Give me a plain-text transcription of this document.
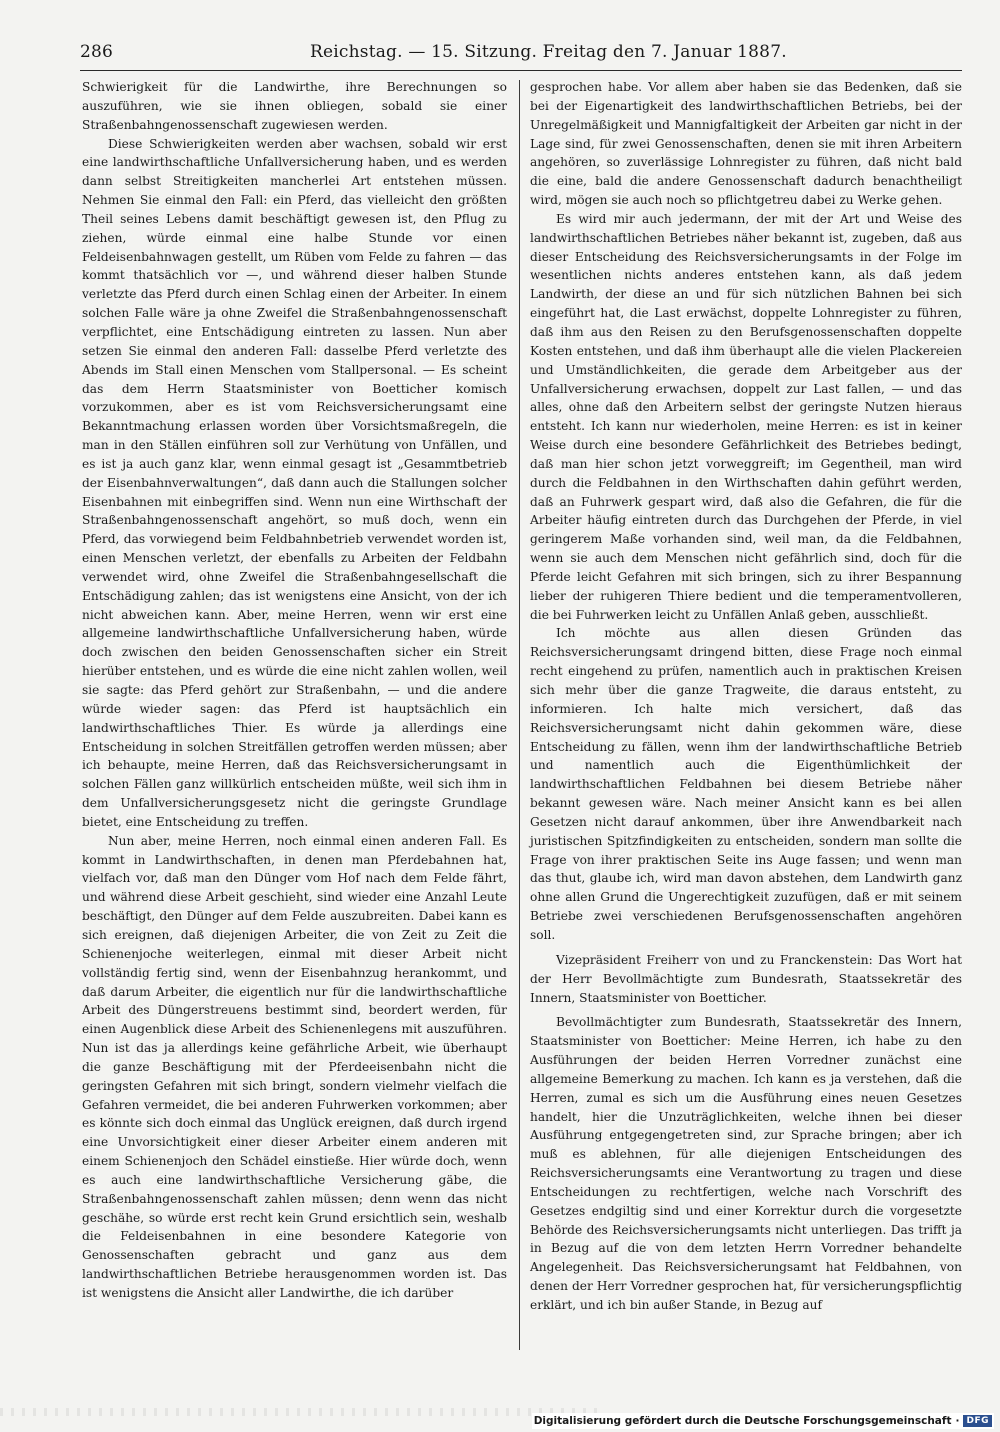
286	Reichstag. — 15. Sitzung. Freitag den 7. Januar 1887.

Schwierigkeit für die Landwirthe, ihre Berechnungen so auszuführen, wie sie ihnen obliegen, sobald sie einer Straßenbahngenossenschaft zugewiesen werden.

Diese Schwierigkeiten werden aber wachsen, sobald wir erst eine landwirthschaftliche Unfallversicherung haben, und es werden dann selbst Streitigkeiten mancherlei Art entstehen müssen. Nehmen Sie einmal den Fall: ein Pferd, das vielleicht den größten Theil seines Lebens damit beschäftigt gewesen ist, den Pflug zu ziehen, würde einmal eine halbe Stunde vor einen Feldeisenbahnwagen gestellt, um Rüben vom Felde zu fahren — das kommt thatsächlich vor —, und während dieser halben Stunde verletzte das Pferd durch einen Schlag einen der Arbeiter. In einem solchen Falle wäre ja ohne Zweifel die Straßenbahngenossenschaft verpflichtet, eine Entschädigung eintreten zu lassen. Nun aber setzen Sie einmal den anderen Fall: dasselbe Pferd verletzte des Abends im Stall einen Menschen vom Stallpersonal. — Es scheint das dem Herrn Staatsminister von Boetticher komisch vorzukommen, aber es ist vom Reichsversicherungsamt eine Bekanntmachung erlassen worden über Vorsichtsmaßregeln, die man in den Ställen einführen soll zur Verhütung von Unfällen, und es ist ja auch ganz klar, wenn einmal gesagt ist „Gesammtbetrieb der Eisenbahnverwaltungen“, daß dann auch die Stallungen solcher Eisenbahnen mit einbegriffen sind. Wenn nun eine Wirthschaft der Straßenbahngenossenschaft angehört, so muß doch, wenn ein Pferd, das vorwiegend beim Feldbahnbetrieb verwendet worden ist, einen Menschen verletzt, der ebenfalls zu Arbeiten der Feldbahn verwendet wird, ohne Zweifel die Straßenbahngesellschaft die Entschädigung zahlen; das ist wenigstens eine Ansicht, von der ich nicht abweichen kann. Aber, meine Herren, wenn wir erst eine allgemeine landwirthschaftliche Unfallversicherung haben, würde doch zwischen den beiden Genossenschaften sicher ein Streit hierüber entstehen, und es würde die eine nicht zahlen wollen, weil sie sagte: das Pferd gehört zur Straßenbahn, — und die andere würde wieder sagen: das Pferd ist hauptsächlich ein landwirthschaftliches Thier. Es würde ja allerdings eine Entscheidung in solchen Streitfällen getroffen werden müssen; aber ich behaupte, meine Herren, daß das Reichsversicherungsamt in solchen Fällen ganz willkürlich entscheiden müßte, weil sich ihm in dem Unfallversicherungsgesetz nicht die geringste Grundlage bietet, eine Entscheidung zu treffen.

Nun aber, meine Herren, noch einmal einen anderen Fall. Es kommt in Landwirthschaften, in denen man Pferdebahnen hat, vielfach vor, daß man den Dünger vom Hof nach dem Felde fährt, und während diese Arbeit geschieht, sind wieder eine Anzahl Leute beschäftigt, den Dünger auf dem Felde auszubreiten. Dabei kann es sich ereignen, daß diejenigen Arbeiter, die von Zeit zu Zeit die Schienenjoche weiterlegen, einmal mit dieser Arbeit nicht vollständig fertig sind, wenn der Eisenbahnzug herankommt, und daß darum Arbeiter, die eigentlich nur für die landwirthschaftliche Arbeit des Düngerstreuens bestimmt sind, beordert werden, für einen Augenblick diese Arbeit des Schienenlegens mit auszuführen. Nun ist das ja allerdings keine gefährliche Arbeit, wie überhaupt die ganze Beschäftigung mit der Pferdeeisenbahn nicht die geringsten Gefahren mit sich bringt, sondern vielmehr vielfach die Gefahren vermeidet, die bei anderen Fuhrwerken vorkommen; aber es könnte sich doch einmal das Unglück ereignen, daß durch irgend eine Unvorsichtigkeit einer dieser Arbeiter einem anderen mit einem Schienenjoch den Schädel einstieße. Hier würde doch, wenn es auch eine landwirthschaftliche Versicherung gäbe, die Straßenbahngenossenschaft zahlen müssen; denn wenn das nicht geschähe, so würde erst recht kein Grund ersichtlich sein, weshalb die Feldeisenbahnen in eine besondere Kategorie von Genossenschaften gebracht und ganz aus dem landwirthschaftlichen Betriebe herausgenommen worden ist. Das ist wenigstens die Ansicht aller Landwirthe, die ich darüber

gesprochen habe. Vor allem aber haben sie das Bedenken, daß sie bei der Eigenartigkeit des landwirthschaftlichen Betriebs, bei der Unregelmäßigkeit und Mannigfaltigkeit der Arbeiten gar nicht in der Lage sind, für zwei Genossenschaften, denen sie mit ihren Arbeitern angehören, so zuverlässige Lohnregister zu führen, daß nicht bald die eine, bald die andere Genossenschaft dadurch benachtheiligt wird, mögen sie auch noch so pflichtgetreu dabei zu Werke gehen.

Es wird mir auch jedermann, der mit der Art und Weise des landwirthschaftlichen Betriebes näher bekannt ist, zugeben, daß aus dieser Entscheidung des Reichsversicherungsamts in der Folge im wesentlichen nichts anderes entstehen kann, als daß jedem Landwirth, der diese an und für sich nützlichen Bahnen bei sich eingeführt hat, die Last erwächst, doppelte Lohnregister zu führen, daß ihm aus den Reisen zu den Berufsgenossenschaften doppelte Kosten entstehen, und daß ihm überhaupt alle die vielen Plackereien und Umständlichkeiten, die gerade dem Arbeitgeber aus der Unfallversicherung erwachsen, doppelt zur Last fallen, — und das alles, ohne daß den Arbeitern selbst der geringste Nutzen hieraus entsteht. Ich kann nur wiederholen, meine Herren: es ist in keiner Weise durch eine besondere Gefährlichkeit des Betriebes bedingt, daß man hier schon jetzt vorweggreift; im Gegentheil, man wird durch die Feldbahnen in den Wirthschaften dahin geführt werden, daß an Fuhrwerk gespart wird, daß also die Gefahren, die für die Arbeiter häufig eintreten durch das Durchgehen der Pferde, in viel geringerem Maße vorhanden sind, weil man, da die Feldbahnen, wenn sie auch dem Menschen nicht gefährlich sind, doch für die Pferde leicht Gefahren mit sich bringen, sich zu ihrer Bespannung lieber der ruhigeren Thiere bedient und die temperamentvolleren, die bei Fuhrwerken leicht zu Unfällen Anlaß geben, ausschließt.

Ich möchte aus allen diesen Gründen das Reichsversicherungsamt dringend bitten, diese Frage noch einmal recht eingehend zu prüfen, namentlich auch in praktischen Kreisen sich mehr über die ganze Tragweite, die daraus entsteht, zu informieren. Ich halte mich versichert, daß das Reichsversicherungsamt nicht dahin gekommen wäre, diese Entscheidung zu fällen, wenn ihm der landwirthschaftliche Betrieb und namentlich auch die Eigenthümlichkeit der landwirthschaftlichen Feldbahnen bei diesem Betriebe näher bekannt gewesen wäre. Nach meiner Ansicht kann es bei allen Gesetzen nicht darauf ankommen, über ihre Anwendbarkeit nach juristischen Spitzfindigkeiten zu entscheiden, sondern man sollte die Frage von ihrer praktischen Seite ins Auge fassen; und wenn man das thut, glaube ich, wird man davon abstehen, dem Landwirth ganz ohne allen Grund die Ungerechtigkeit zuzufügen, daß er mit seinem Betriebe zwei verschiedenen Berufsgenossenschaften angehören soll.

Vizepräsident Freiherr von und zu Franckenstein: Das Wort hat der Herr Bevollmächtigte zum Bundesrath, Staatssekretär des Innern, Staatsminister von Boetticher.

Bevollmächtigter zum Bundesrath, Staatssekretär des Innern, Staatsminister von Boetticher: Meine Herren, ich habe zu den Ausführungen der beiden Herren Vorredner zunächst eine allgemeine Bemerkung zu machen. Ich kann es ja verstehen, daß die Herren, zumal es sich um die Ausführung eines neuen Gesetzes handelt, hier die Unzuträglichkeiten, welche ihnen bei dieser Ausführung entgegengetreten sind, zur Sprache bringen; aber ich muß es ablehnen, für alle diejenigen Entscheidungen des Reichsversicherungsamts eine Verantwortung zu tragen und diese Entscheidungen zu rechtfertigen, welche nach Vorschrift des Gesetzes endgiltig sind und einer Korrektur durch die vorgesetzte Behörde des Reichsversicherungsamts nicht unterliegen. Das trifft ja in Bezug auf die von dem letzten Herrn Vorredner behandelte Angelegenheit. Das Reichsversicherungsamt hat Feldbahnen, von denen der Herr Vorredner gesprochen hat, für versicherungspflichtig erklärt, und ich bin außer Stande, in Bezug auf

Digitalisierung gefördert durch die Deutsche Forschungsgemeinschaft · DFG
